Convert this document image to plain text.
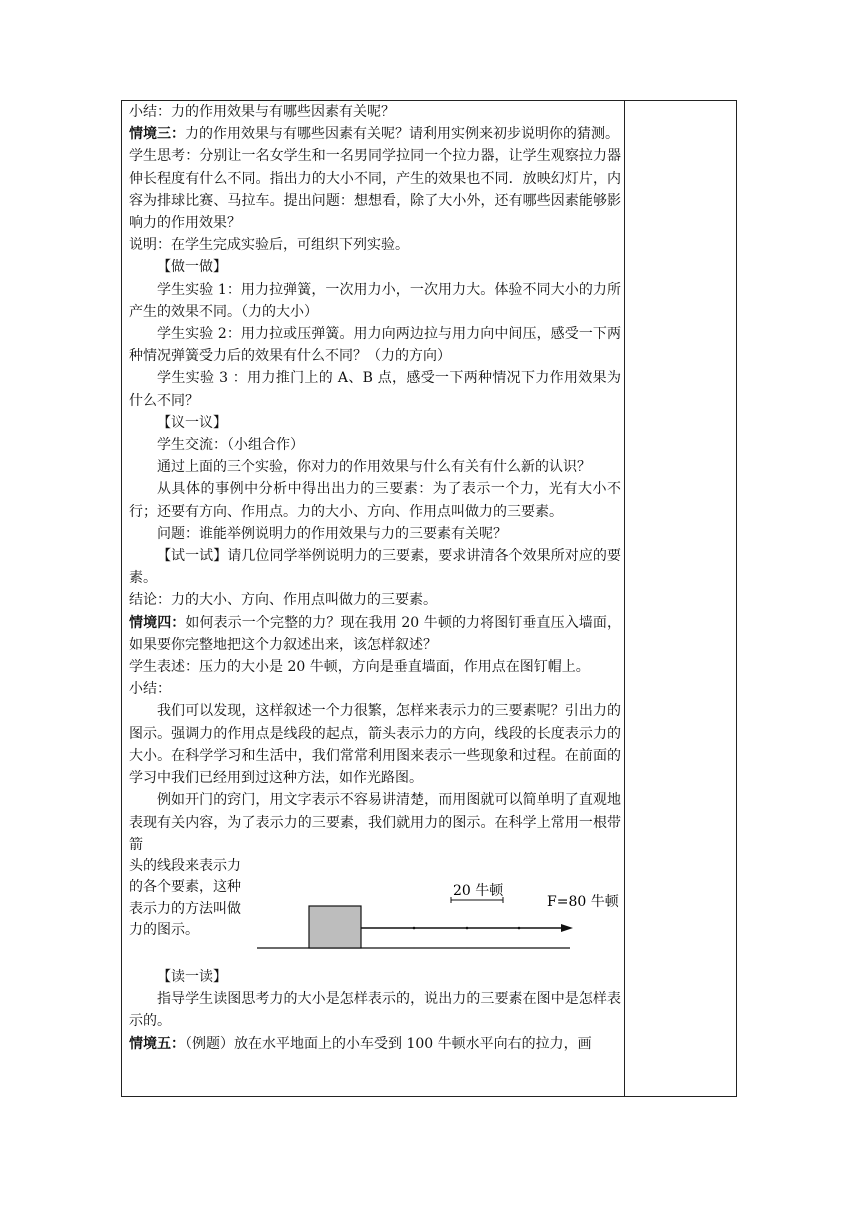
小结：力的作用效果与有哪些因素有关呢？

情境三：力的作用效果与有哪些因素有关呢？请利用实例来初步说明你的猜测。

学生思考：分别让一名女学生和一名男同学拉同一个拉力器，让学生观察拉力器伸长程度有什么不同。指出力的大小不同，产生的效果也不同．放映幻灯片，内容为排球比赛、马拉车。提出问题：想想看，除了大小外，还有哪些因素能够影响力的作用效果？

说明：在学生完成实验后，可组织下列实验。

【做一做】

学生实验 1：用力拉弹簧，一次用力小，一次用力大。体验不同大小的力所产生的效果不同。（力的大小）

学生实验 2：用力拉或压弹簧。用力向两边拉与用力向中间压，感受一下两种情况弹簧受力后的效果有什么不同？（力的方向）

学生实验 3 ：用力推门上的 A、B 点，感受一下两种情况下力作用效果为什么不同？

【议一议】

学生交流：（小组合作）

通过上面的三个实验，你对力的作用效果与什么有关有什么新的认识？

从具体的事例中分析中得出出力的三要素：为了表示一个力，光有大小不行；还要有方向、作用点。力的大小、方向、作用点叫做力的三要素。

问题：谁能举例说明力的作用效果与力的三要素有关呢？

【试一试】请几位同学举例说明力的三要素，要求讲清各个效果所对应的要素。

结论：力的大小、方向、作用点叫做力的三要素。

情境四：如何表示一个完整的力？现在我用 20 牛顿的力将图钉垂直压入墙面，如果要你完整地把这个力叙述出来，该怎样叙述？

学生表述：压力的大小是 20 牛顿，方向是垂直墙面，作用点在图钉帽上。

小结：

我们可以发现，这样叙述一个力很繁，怎样来表示力的三要素呢？引出力的图示。强调力的作用点是线段的起点，箭头表示力的方向，线段的长度表示力的大小。在科学学习和生活中，我们常常利用图来表示一些现象和过程。在前面的学习中我们已经用到过这种方法，如作光路图。

例如开门的窍门，用文字表示不容易讲清楚，而用图就可以简单明了直观地表现有关内容，为了表示力的三要素，我们就用力的图示。在科学上常用一根带箭

头的线段来表示力的各个要素，这种表示力的方法叫做力的图示。
20 牛顿
F=80 牛顿

【读一读】

指导学生读图思考力的大小是怎样表示的，说出力的三要素在图中是怎样表示的。

情境五：（例题）放在水平地面上的小车受到 100 牛顿水平向右的拉力，画
